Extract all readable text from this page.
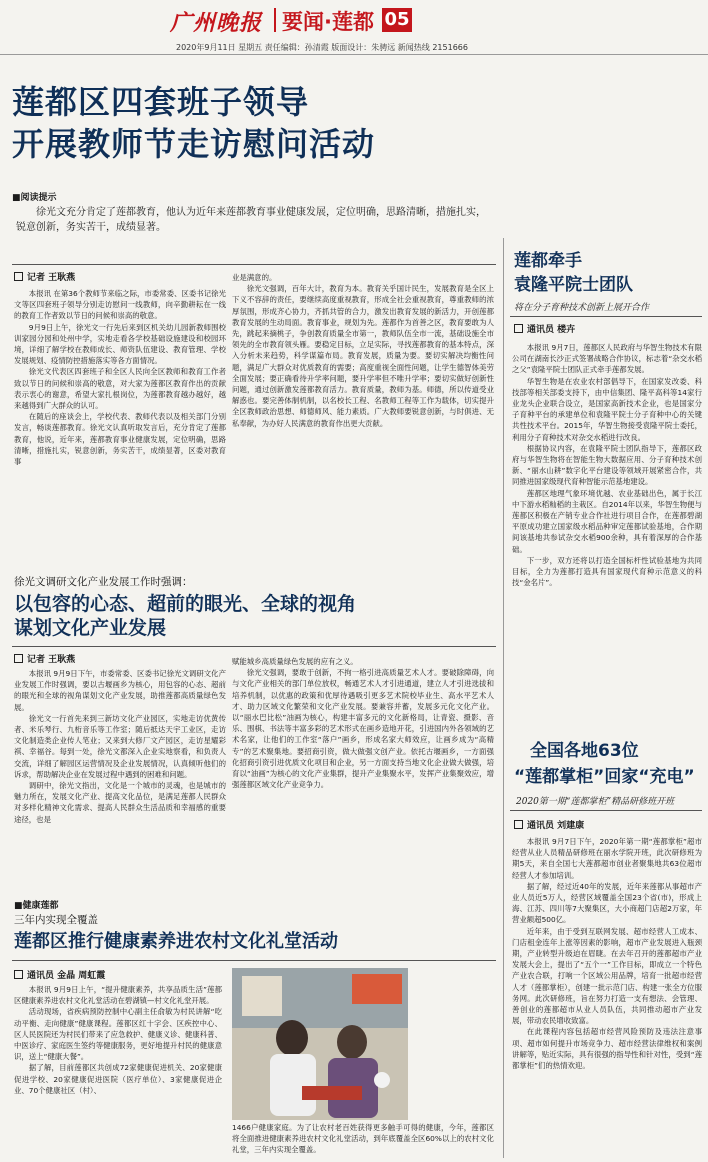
广州晚报 要闻·莲都 05
2020年9月11日 星期五 责任编辑：孙清霞 版面设计：朱骋远 新闻热线 2151666
莲都区四套班子领导
开展教师节走访慰问活动
■阅读提示
徐光文充分肯定了莲都教育，他认为近年来莲都教育事业健康发展，定位明确，思路清晰，措施扎实，锐意创新，务实苦干，成绩显著。
记者 王耿燕

本报讯 在第36个教师节来临之际，市委常委、区委书记徐光文等区四套班子领导分别走访慰问一线教师，向辛勤耕耘在一线的教育工作者致以节日的问候和崇高的敬意。

9月9日上午，徐光文一行先后来到区机关幼儿园新教师围校训家园分园和处州中学，实地走看各学校基础设施建设和校园环境，详细了解学校在教师成长、师资队伍建设、教育管理、学校发展规划、疫情防控措施落实等各方面情况。

徐光文代表区四套班子和全区人民向全区教师和教育工作者致以节日的问候和崇高的敬意，对大家为莲都区教育作出的贡献表示衷心的谢意，希望大家扎根岗位，为莲都教育越办越好，越来越得到广大群众的认可。

在随后的座谈会上，学校代表、教师代表以及相关部门分别发言，畅谈莲都教育。徐光文认真听取发言后，充分肯定了莲都教育，他说，近年来，莲都教育事业健康发展，定位明确，思路清晰，措施扎实，锐意创新，务实苦干，成绩显著，区委对教育事

业是满意的。

徐光文强调，百年大计，教育为本。教育关乎国计民生，发展教育是全区上下义不容辞的责任，要继续高度重视教育，形成全社会重视教育，尊重教师的浓厚氛围，形成齐心协力，齐抓共管的合力，激发出教育发展的新活力，开创莲都教育发展的生动局面。教育事业，规划为先。莲都作为首善之区，教育要敢为人先，跳起来摘桃子，争创教育质量全市第一，教师队伍全市一流，基础设施全市领先的全市教育领头雁。要稳定目标，立足实际，寻找莲都教育的基本特点，深入分析未来趋势，科学谋篇布局。教育发展，质量为要。要切实解决均衡性问题，满足广大群众对优质教育的需要；高度重视全面性问题，让学生德智体美劳全面发展；要正确看待升学率问题，要升学率但不唯升学率；要切实做好创新性问题，通过创新激发莲都教育活力。教育质量，教师为基。师德，所以传道受业解惑也。要完善体制机制，以名校长工程、名教师工程等工作为载体，切实提升全区教师政治思想、师德师风、能力素质。广大教师要锐意创新，与时俱进、无私奉献，为办好人民满意的教育作出更大贡献。

徐光文调研文化产业发展工作时强调：
以包容的心态、超前的眼光、全球的视角
谋划文化产业发展
记者 王耿燕

本报讯 9月9日下午，市委常委、区委书记徐光文调研文化产业发展工作时强调，要以古堰画乡为核心，用包容的心态、超前的眼光和全球的视角谋划文化产业发展，助推莲都高质量绿色发展。

徐光文一行首先来到三新坊文化产业园区，实地走访优黄传者、米乐琴行、九桁音乐等工作室；随后抵达天宇工业区，走访文化制造类企业传人笔业；又来到大修厂文产园区，走访星耀彩祺、幸福谷。每到一处，徐光文都深入企业实地察看，和负责人交流，详细了解园区运营情况及企业发展情况，认真倾听他们的诉求，帮助解决企业在发展过程中遇到的困难和问题。

调研中，徐光文指出，文化是一个城市的灵魂，也是城市的魅力所在，发展文化产业、提高文化品位，是满足莲都人民群众对多样化精神文化需求、提高人民群众生活品质和幸福感的重要途径，也是

赋能城乡高质量绿色发展的应有之义。

徐光文强调，要敢于创新，不拘一格引进高质量艺术人才。要破除障碍，向与文化产业相关的部门单位放权，畅通艺术人才引进通道，建立人才引进选拔和培养机制，以优惠的政策和优厚待遇吸引更多艺术院校毕业生、高水平艺术人才、助力区域文化繁荣和文化产业发展。要兼容并蓄，发展多元化文化产业。以“丽水巴比松”油画为核心，构建丰富多元的文化新格局，让青瓷、摄影、音乐、围棋、书法等丰富多彩的艺术形式在画乡造地开花，引进国内外各领域的艺术名家，让他们的工作室“落户”画乡，形成名家大师效应，让画乡成为“高精专”的艺术聚集地。要招商引资，做大做强文创产业。依托古堰画乡，一方面强化招商引资引进优质文化项目和企业，另一方面支持当地文化企业做大做强，培育以“油画”为核心的文化产业集群，提升产业集聚水平，发挥产业集聚效应，增强莲都区域文化产业竞争力。

■健康莲都
三年内实现全覆盖
莲都区推行健康素养进农村文化礼堂活动
通讯员 金晶 周虹霞

本报讯 9月9日上午，“提升健康素养，共享品质生活”莲都区健康素养进农村文化礼堂活动在碧湖镇—村文化礼堂开展。

活动现场，省疾病预防控制中心副主任俞敏为村民讲解“吃动平衡、走向健康”健康课程。莲都区红十字会、区疾控中心、区人民医院还为村民们带来了应急救护、健康义诊、健康科普、中医诊疗、家庭医生签约等健康服务，更好地提升村民的健康意识，送上“健康大餐”。

据了解，目前莲都区共创成72家健康促进机关、20家健康促进学校、20家健康促进医院（医疗单位）、3家健康促进企业、70个健康社区（村）、

1466户健康家庭。为了让农村老百姓获得更多触手可得的健康，今年，莲都区将全面推进健康素养进农村文化礼堂活动，到年底覆盖全区60%以上的农村文化礼堂，三年内实现全覆盖。

莲都牵手
袁隆平院士团队
将在分子育种技术创新上展开合作
通讯员 楼卉

本报讯 9月7日，莲都区人民政府与华智生物技术有限公司在湖南长沙正式签署战略合作协议，标志着“杂交水稻之父”袁隆平院士团队正式牵手莲都发展。

华智生物是在农业农村部倡导下，在国家发改委、科技部等相关部委支持下，由中信集团、隆平高科等14家行业龙头企业联合设立，是国家高新技术企业，也是国家分子育种平台的承建单位和袁隆平院士分子育种中心的关键共性技术平台。2015年，华智生物接受袁隆平院士委托，利用分子育种技术对杂交水稻进行改良。

根据协议内容，在袁隆平院士团队指导下，莲都区政府与华智生物将在智能生物大数据应用、分子育种技术创新、“丽水山耕”数字化平台建设等领域开展紧密合作，共同推进国家级现代育种智能示范基地建设。

莲都区地理气象环境优越、农业基础出色，属于长江中下游水稻籼稻的主栽区。自2014年以来，华智生物便与莲都区积极在产销专业合作社进行项目合作，在莲都碧湖平原成功建立国家级水稻品种审定莲都试验基地，合作期间该基地共参试杂交水稻900余种，具有着深厚的合作基础。

下一步，双方还将以打造全国标杆性试验基地为共同目标，全力为莲都打造具有国家现代育种示范意义的科技“金名片”。

全国各地63位
“莲都掌柜”回家“充电”
2020第一期“莲都掌柜”精品研修班开班
通讯员 刘建康

本报讯 9月7日下午，2020年第一期“莲都掌柜”超市经营从业人员精品研修班在丽水学院开班，此次研修班为期5天，来自全国七大莲都超市创业者聚集地共63位超市经营人才参加培训。

据了解，经过近40年的发展，近年来莲都从事超市产业人员近5万人，经营区域覆盖全国23个省(市)，形成上海、江苏、四川等7大聚集区，大小商超门店超2万家，年营业额超500亿。

近年来，由于受到互联网发展、超市经营人工成本、门店租金连年上涨等因素的影响，超市产业发展进入瓶颈期，产业转型升级迫在眉睫。在去年召开的莲都超市产业发展大会上，提出了“五个一”工作目标，即成立一个特色产业农合联，打响一个区域公用品牌，培育一批超市经营人才（莲都掌柜），创建一批示范门店、构建一张全方位服务网。此次研修班，旨在努力打造一支有想法、会管理、善创业的莲都超市从业人员队伍，共同推动超市产业发展，带动农民增收致富。

在此课程内容包括超市经营风险预防及违法注意事项、超市如何提升市场竞争力、超市经营法律维权和案例讲解等，贴近实际，具有很强的指导性和针对性，受到“莲都掌柜”们的热情欢迎。
